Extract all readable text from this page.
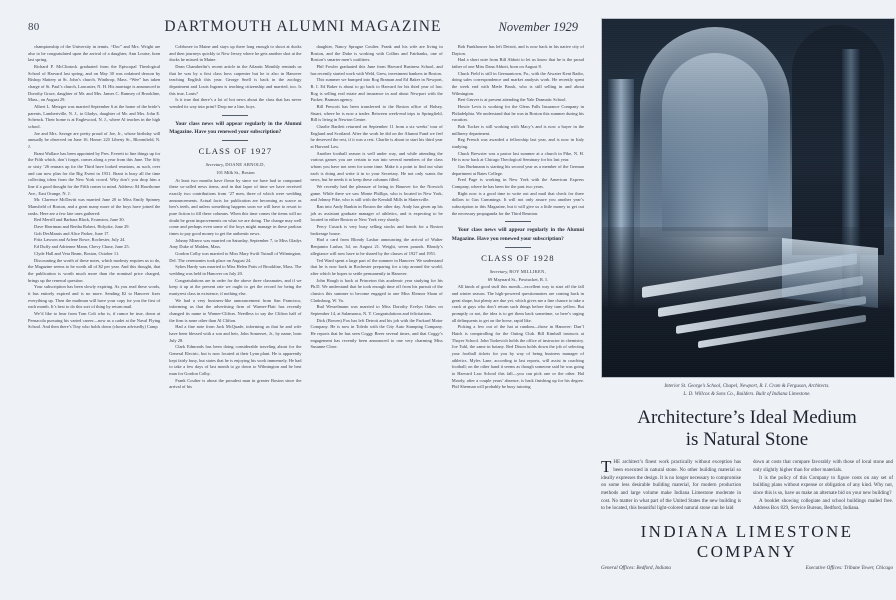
80	DARTMOUTH ALUMNI MAGAZINE	November 1929

championship of the University in tennis. “Doc” and Mrs. Wright are also to be congratulated upon the arrival of a daughter, Ann Louise, born last spring.

Richard P. McClintock graduated from the Episcopal Theological School of Harvard last spring, and on May 30 was ordained deacon by Bishop Slattery at St. John’s church, Winthrop, Mass. “Wee” has taken charge of St. Paul’s church, Lancaster, N. H. His marriage is announced to Dorothy Grace, daughter of Mr. and Mrs. James C. Ramsey of Brookline, Mass., on August 29.

Albert L. Metzger was married September 6 at the home of the bride’s parents, Lambertville, N. J., to Gladys, daughter of Mr. and Mrs. John E. Schenck. Their home is at Englewood, N. J., where Al teaches in the high school.

Joe and Mrs. Savage are pretty proud of Joe, Jr., whose birthday will annually be observed on June 16. Home: 225 Liberty St., Bloomfield, N. J.

Brant Wallace has been appointed by Pres. Everett to line things up for the Fifth which, don’t forget, comes along a year from this June. The fifty or sixty ’26 reunars up for the Third have looked reunions, as such, over and can now plan for the Big Event in 1931. Brant is busy all the time collecting ideas from the New York crowd. Why don’t you drop him a line if a good thought for the Fifth comes to mind. Address: 84 Hawthorne Ave., East Orange, N. J.

Mr. Clarence McDavitt was married June 20 to Miss Emily Spinney Mansfield of Boston, and a great many more of the boys have joined the ranks. Here are a few late ones gathered:

Red Merrill and Barbara Black, Evanston, June 30.

Dave Harriman and Bertha Robert, Holyoke, June 29.

Goh DesMarais and Alice Parker, June 17.

Fritz Lawson and Arlene Rowe, Rochester, July 24.

Ed Duffy and Adrienne Mann, Chevy Chase, June 25.

Clyde Hall and Vera Beam, Boston, October 11.

Discounting the worth of these notes, which modesty requires us to do, the Magazine seems to be worth all of $2 per year. And this thought, that the publication is worth much more than the nominal price charged, brings up the renewal question.

Your subscription has been slowly expiring. As you read these words, it has entirely expired and is no more. Sending $2 to Hanover fixes everything up. Then the mailman will have your copy for you the first of each month. It’s best to do this sort of thing by return mail.

We’d like to hear from Tom Colt who is, if rumor be true, down at Pensacola pursuing his varied career—now as a cadet at the Naval Flying School. And then there’s Tiny who holds down (chosen advisedly) Camp

Cobbosee in Maine and stays up there long enough to shoot at ducks and then journeys quickly to New Jersey where he gets another shot at the ducks he missed in Maine.

Dean Chamberlin’s recent article in the Atlantic Monthly reminds us that he was by a first class boss carpenter but he is also in Hanover teaching English this year. George Snell is back in the zoology department and Louis Ingram is teaching citizenship and married, too. Is this true, Louis?

Is it true that there’s a lot of hot news about the class that has never wended its way into print? Drop me a line, boys.

Your class news will appear regularly in the Alumni Magazine. Have you renewed your subscription?

CLASS OF 1927
Secretary, DOANE ARNOLD,
101 Milk St., Boston

At least two months have flown by since we have had to compound these so-called news items, and in that lapse of time we have received exactly two contributions from ’27 men, three of which were wedding announcements. Actual facts for publication are becoming as scarce as hen’s teeth, and unless something happens soon we will have to resort to pure fiction to fill these columns. When this time comes the items will no doubt be great improvements on what we are doing. The change may well come and perhaps even some of the boys might manage in these parlous times to pay good money to get the authentic news.

Johnny Mizero was married on Saturday, September 7, to Miss Gladys Amy Duke of Malden, Mass.

Gordon Colby was married to Miss Mary Swift Tutnall of Wilmington, Del. The ceremonies took place on August 24.

Sykes Hardy was married to Miss Helen Potts of Brookline, Mass. The wedding was held in Hanover on July 20.

Congratulations are in order for the above three classmates, and if we keep it up at the present rate we ought to get the record for being the martyrest class in existence, if nothing else.

We had a very business-like announcement from San Francisco, informing us that the advertising firm of Warner-Flair has recently changed its name to Warner-Clifton. Needless to say the Clifton half of the firm is none other than Al Clifton.

Had a fine note from Jack McQuade, informing us that he and wife have been blessed with a son and heir, John Somerset, Jr., by name, born July 28.

Clark Edmonds has been doing considerable traveling about for the General Electric, but is now located at their Lynn plant. He is apparently kept fairly busy, but states that he is enjoying his work immensely. He had to take a few days of last month to go down to Wilmington and be best man for Gordon Colby.

Frank Coulter is about the proudest man in greater Boston since the arrival of his

daughter, Nancy Sprague Coulter. Frank and his wife are living in Boston, and the Duke is working with Collins and Fairbanks, one of Boston’s smarter men’s outfitters.

Phil Fowler graduated this June from Harvard Business School, and has recently started work with Weld, Grew, investment bankers in Boston.

This summer we bumped into Rog Braman and Ed Baker in Newport, R. I. Ed Baker is about to go back to Harvard for his third year of law. Rog is selling real estate and insurance in and about Newport with the Packer, Braman agency.

Bill Prescott has been transferred to the Boston office of Halsey, Stuart, where he is now a trader. Between week-end trips to Springfield, Bill is living in Newton Centre.

Charlie Bartlett returned on September 11 from a six weeks’ tour of England and Scotland. After the work he did on the Alumni Fund we feel he deserved the rest, if it was a rest. Charlie is about to start his third year at Harvard Law.

Another football season is well under way, and while attending the various games you are certain to run into several members of the class whom you have not seen for some time. Make it a point to find out what each is doing and write it in to your Secretary. He not only wants the news, but he needs it to keep these columns filled.

We recently had the pleasure of being in Hanover for the Norwich game. While there we saw Monte Phillips, who is located in New York, and Johnny Pike, who is still with the Kendall Mills in Slatersville.

Ran into Andy Rankin in Boston the other day. Andy has given up his job as assistant graduate manager of athletics, and is expecting to be located in either Boston or New York very shortly.

Percy Cusack is very busy selling stocks and bonds for a Boston brokerage house.

Had a card from Blondy Lashar announcing the arrival of Walter Benjamin Lashar, 3d, on August 21. Weight, seven pounds. Blondy’s allegiance will now have to be shared by the classes of 1927 and 1951.

Ted Ward spent a large part of the summer in Hanover. We understand that he is now back in Rochester preparing for a trip around the world, after which he hopes to settle permanently in Hanover.

John Hough is back at Princeton this academic year studying for his Ph.D. We understand that he took enough time off from his pursuit of the classics this summer to become engaged to one Miss Eleanor Sloan of Clarksburg, W. Va.

Bud Wesselmann was married to Miss Dorothy Evelyn Oakes on September 14, at Salamanca, N. Y. Congratulations and felicitations.

Dick (Bowen) Fox has left Detroit and his job with the Packard Motor Company. He is now in Toledo with the City Auto Stamping Company. He reports that he has seen Coggy Breer several times, and that Coggy’s engagement has recently been announced to one very charming Miss Susanne Close.

Bob Funkhouser has left Detroit, and is now back in his native city of Dayton.

Had a short note from Bill Abbott to let us know that he is the proud father of one Miss Dana Abbott, born on August 8.

Chuck Field is still in Germantown, Pa., with the Atwater Kent Radio, doing sales correspondence and market analysis work. He recently spent the week end with Merle Brush, who is still selling in and about Wilmington.

Bert Gruver is at present attending the Yale Dramatic School.

Howie Levis is working for the Glens Falls Insurance Company in Philadelphia. We understand that he was in Boston this summer during his vacation.

Bob Tucker is still working with Macy’s and is now a buyer in the millinery department.

Reg French was awarded a fellowship last year, and is now in Italy studying.

Chuck Brewster was a pastor last summer at a church in Pike, N. H. He is now back at Chicago Theological Seminary for his last year.

Gus Burkmann is starting his second year as a member of the German department at Bates College.

Fred Page is working in New York with the American Express Company, where he has been for the past two years.

Right now is a good time to write out and mail that check for three dollars to Gus Cummings. It will not only assure you another year’s subscription to this Magazine, but it will give us a little money to get out the necessary propaganda for the Third Reunion.

Your class news will appear regularly in the Alumni Magazine. Have you renewed your subscription?

CLASS OF 1928
Secretary, ROY MILLIKEN,
69 Maynard St., Pawtucket, R. I.

All kinds of good stuff this month—excellent way to start off the fall and winter season. The high-powered questionnaires are coming back in great shape, but plenty are due yet, which gives me a fine chance to take a crack at guys who don’t return such things before they turn yellow. But promptly or not, the idea is to get them back sometime, so here’s urging all delinquents to get on the horse, rapid like.

Picking a few out of the hat at random—those in Hanover: Dan’l Hatch is comptrolling for the Outing Club. Bill Kimball instructs at Thayer School. John Turkevich holds the office of instructor in chemistry. Joe Tuhl, the same in botany. Red Dixon holds down the job of selecting your football tickets for you by way of being business manager of athletics. Myles Lane, according to last reports, will assist in coaching football; on the other hand it seems as though someone said he was going to Harvard Law School this fall—you can pick one or the other. Hal Moody, after a couple years’ absence, is back finishing up for his degree. Phil Sherman will probably be busy tutoring	Interior St. George’s School, Chapel, Newport, R. I. Cram & Ferguson, Architects.
L. D. Willcox & Sons Co., Builders. Built of Indiana Limestone.
Architecture’s Ideal Medium
is Natural Stone
T HE architect’s finest work practically without exception has been executed in natural stone. No other building material so ideally expresses the design. It is no longer necessary to compromise on some less desirable building material, for modern production methods and large volume make Indiana Limestone moderate in cost. No matter in what part of the United States the new building is to be located, this beautiful light-colored natural stone can be laid

down at costs that compare favorably with those of local stone and only slightly higher than for other materials.

It is the policy of this Company to figure costs on any set of building plans without expense or obligation of any kind. Why not, since this is so, have us make an alternate bid on your new building?

A booklet showing collegiate and school buildings mailed free. Address Box 829, Service Bureau, Bedford, Indiana.

INDIANA LIMESTONE COMPANY
General Offices: Bedford, Indiana	Executive Offices: Tribune Tower, Chicago
